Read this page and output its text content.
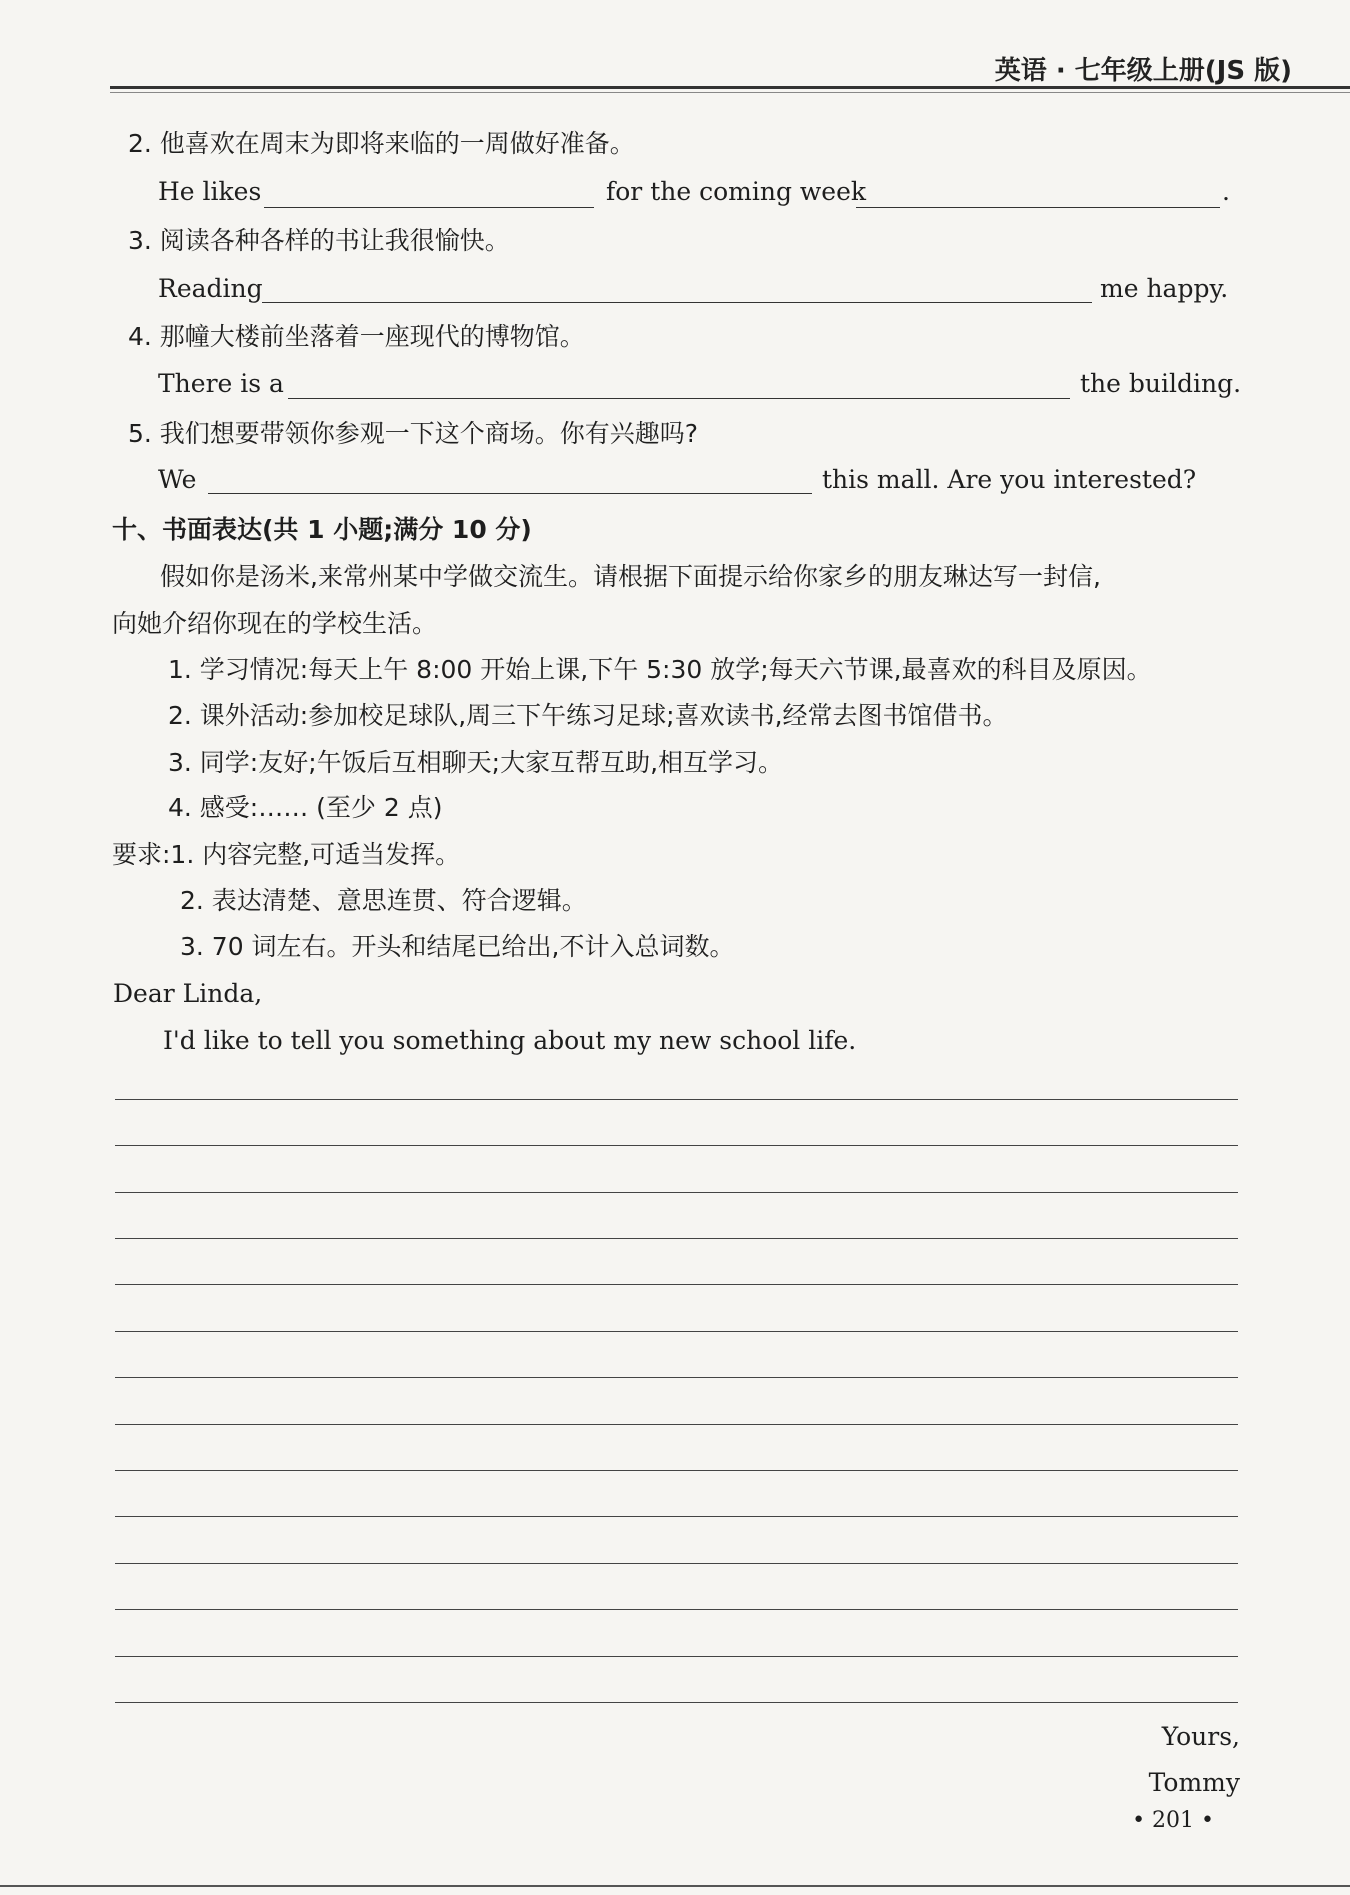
英语 · 七年级上册(JS 版)
2. 他喜欢在周末为即将来临的一周做好准备。
He likes	for the coming week	.
3. 阅读各种各样的书让我很愉快。
Reading	me happy.
4. 那幢大楼前坐落着一座现代的博物馆。
There is a	the building.
5. 我们想要带领你参观一下这个商场。你有兴趣吗?
We	this mall. Are you interested?
十、书面表达(共 1 小题;满分 10 分)
假如你是汤米,来常州某中学做交流生。请根据下面提示给你家乡的朋友琳达写一封信,
向她介绍你现在的学校生活。
1. 学习情况:每天上午 8:00 开始上课,下午 5:30 放学;每天六节课,最喜欢的科目及原因。
2. 课外活动:参加校足球队,周三下午练习足球;喜欢读书,经常去图书馆借书。
3. 同学:友好;午饭后互相聊天;大家互帮互助,相互学习。
4. 感受:…… (至少 2 点)
要求:1. 内容完整,可适当发挥。
2. 表达清楚、意思连贯、符合逻辑。
3. 70 词左右。开头和结尾已给出,不计入总词数。
Dear Linda,
I'd like to tell you something about my new school life.
Yours,
Tommy
• 201 •
